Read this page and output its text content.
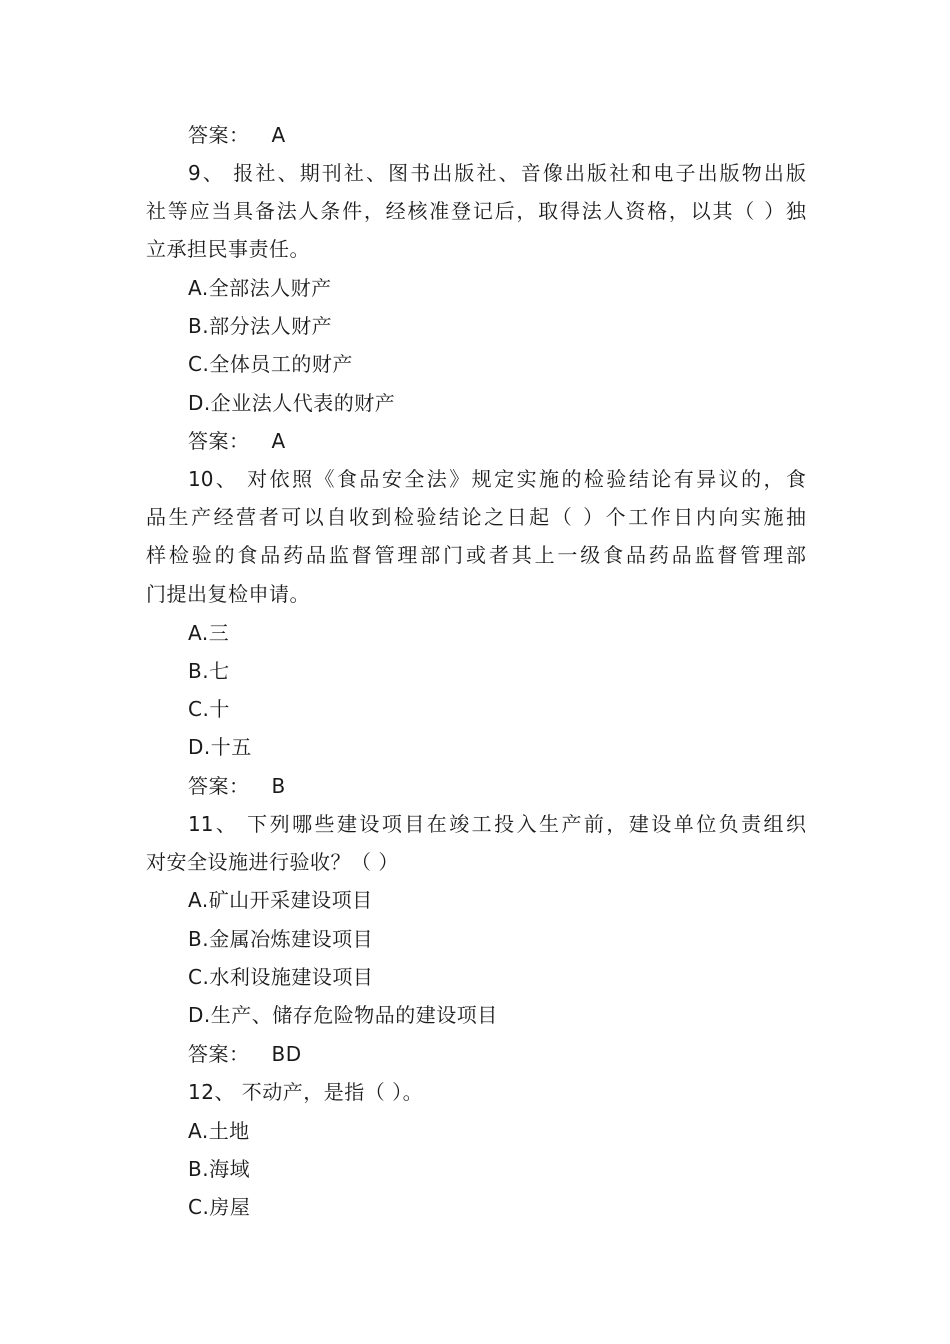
答案： A
9、 报社、期刊社、图书出版社、音像出版社和电子出版物出版
社等应当具备法人条件，经核准登记后，取得法人资格，以其（ ）独
立承担民事责任。
A.全部法人财产
B.部分法人财产
C.全体员工的财产
D.企业法人代表的财产
答案： A
10、 对依照《食品安全法》规定实施的检验结论有异议的，食
品生产经营者可以自收到检验结论之日起（ ）个工作日内向实施抽
样检验的食品药品监督管理部门或者其上一级食品药品监督管理部
门提出复检申请。
A.三
B.七
C.十
D.十五
答案： B
11、 下列哪些建设项目在竣工投入生产前，建设单位负责组织
对安全设施进行验收？（ ）
A.矿山开采建设项目
B.金属冶炼建设项目
C.水利设施建设项目
D.生产、储存危险物品的建设项目
答案： BD
12、 不动产，是指（ ）。
A.土地
B.海域
C.房屋
